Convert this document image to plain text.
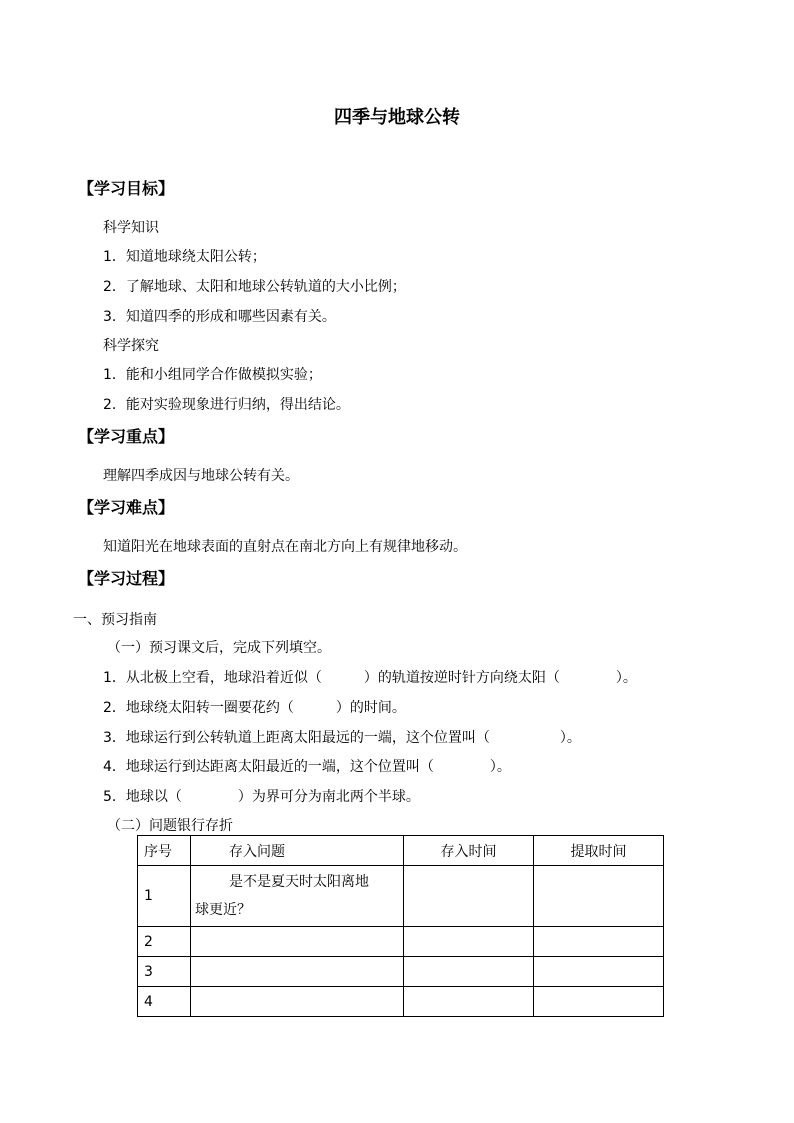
四季与地球公转
【学习目标】
科学知识
1．知道地球绕太阳公转；
2．了解地球、太阳和地球公转轨道的大小比例；
3．知道四季的形成和哪些因素有关。
科学探究
1．能和小组同学合作做模拟实验；
2．能对实验现象进行归纳，得出结论。
【学习重点】
理解四季成因与地球公转有关。
【学习难点】
知道阳光在地球表面的直射点在南北方向上有规律地移动。
【学习过程】
一、预习指南
（一）预习课文后，完成下列填空。
1．从北极上空看，地球沿着近似（　　　）的轨道按逆时针方向绕太阳（　　　　）。
2．地球绕太阳转一圈要花约（　　　）的时间。
3．地球运行到公转轨道上距离太阳最远的一端，这个位置叫（　　　　　）。
4．地球运行到达距离太阳最近的一端，这个位置叫（　　　　）。
5．地球以（　　　　）为界可分为南北两个半球。
（二）问题银行存折
序号	存入问题	存入时间	提取时间
1	是不是夏天时太阳离地
球更近？		

2			
3			
4			
